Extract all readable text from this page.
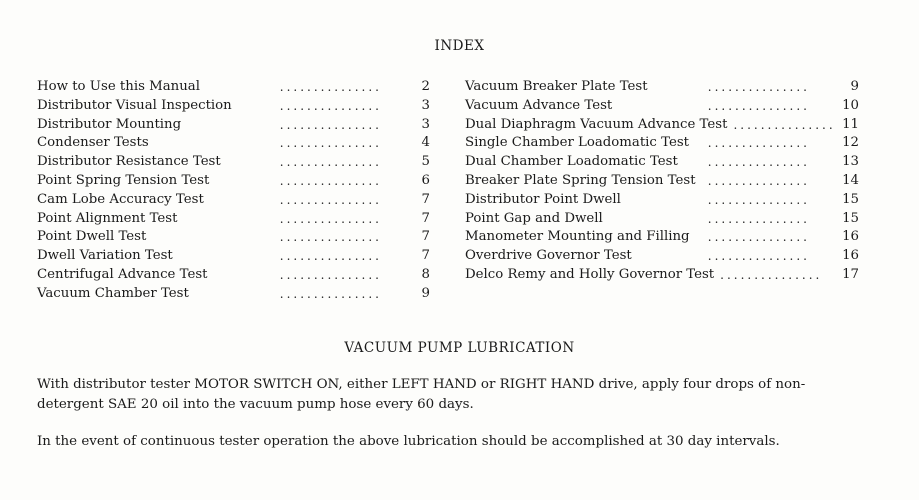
INDEX
How to Use this Manual	...............	2
Distributor Visual Inspection	...............	3
Distributor Mounting	...............	3
Condenser Tests	...............	4
Distributor Resistance Test	...............	5
Point Spring Tension Test	...............	6
Cam Lobe Accuracy Test	...............	7
Point Alignment Test	...............	7
Point Dwell Test	...............	7
Dwell Variation Test	...............	7
Centrifugal Advance Test	...............	8
Vacuum Chamber Test	...............	9
Vacuum Breaker Plate Test	...............	9
Vacuum Advance Test	............... 10
Dual Diaphragm Vacuum Advance Test ............... 11
Single Chamber Loadomatic Test	............... 12
Dual Chamber Loadomatic Test	............... 13
Breaker Plate Spring Tension Test	............... 14
Distributor Point Dwell	............... 15
Point Gap and Dwell	............... 15
Manometer Mounting and Filling	............... 16
Overdrive Governor Test	............... 16
Delco Remy and Holly Governor Test ............... 17
VACUUM PUMP LUBRICATION
With distributor tester MOTOR SWITCH ON, either LEFT HAND or RIGHT HAND drive, apply four drops of non-detergent SAE 20 oil into the vacuum pump hose every 60 days.
In the event of continuous tester operation the above lubrication should be accomplished at 30 day intervals.
